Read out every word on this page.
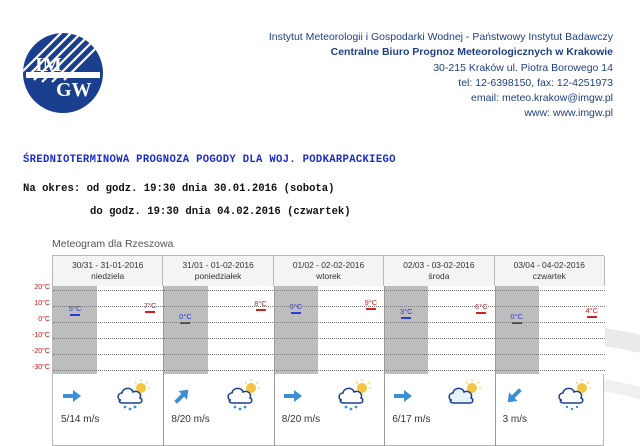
IM
GW
Instytut Meteorologii i Gospodarki Wodnej - Państwowy Instytut Badawczy
Centralne Biuro Prognoz Meteorologicznych w Krakowie
30-215 Kraków ul. Piotra Borowego 14
tel: 12-6398150, fax: 12-4251973
email: meteo.krakow@imgw.pl
www: www.imgw.pl
ŚREDNIOTERMINOWA PROGNOZA POGODY DLA WOJ. PODKARPACKIEGO
Na okres: od godz. 19:30 dnia 30.01.2016 (sobota)
do godz. 19:30 dnia 04.02.2016 (czwartek)
Meteogram dla Rzeszowa
30/31 - 31-01-2016
niedziela
5°C	7°C
5/14 m/s
31/01 - 01-02-2016
poniedziałek
0°C
8°C
8/20 m/s
01/02 - 02-02-2016
wtorek
6°C
9°C
8/20 m/s
02/03 - 03-02-2016
środa
3°C
6°C
6/17 m/s
03/04 - 04-02-2016
czwartek
0°C
4°C
3 m/s
20°C
10°C
0°C
-10°C
-20°C
-30°C
